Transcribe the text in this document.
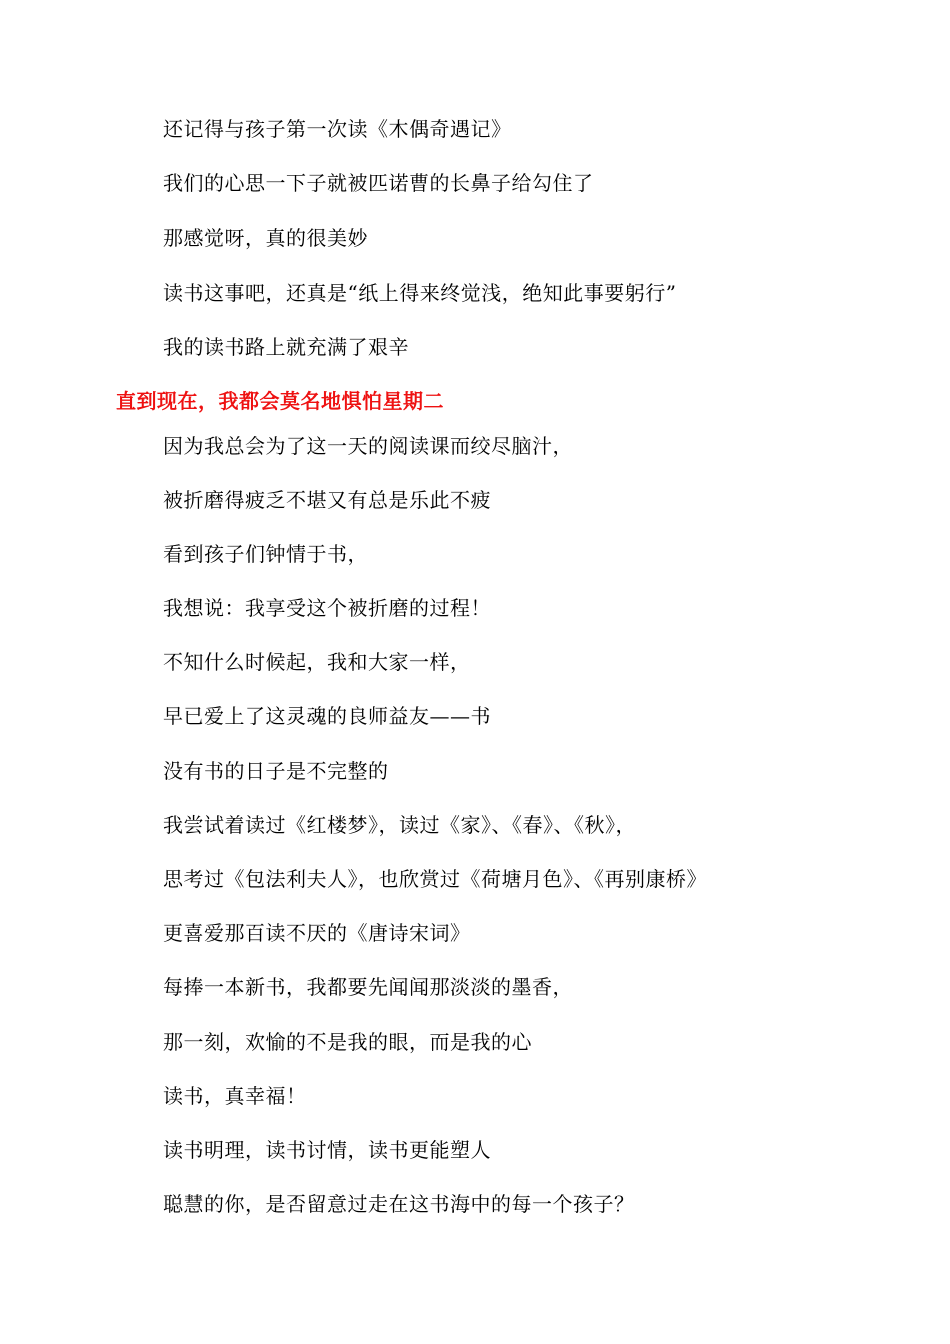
还记得与孩子第一次读《木偶奇遇记》
我们的心思一下子就被匹诺曹的长鼻子给勾住了
那感觉呀，真的很美妙
读书这事吧，还真是“纸上得来终觉浅，绝知此事要躬行”
我的读书路上就充满了艰辛
直到现在，我都会莫名地惧怕星期二
因为我总会为了这一天的阅读课而绞尽脑汁，
被折磨得疲乏不堪又有总是乐此不疲
看到孩子们钟情于书，
我想说：我享受这个被折磨的过程！
不知什么时候起，我和大家一样，
早已爱上了这灵魂的良师益友——书
没有书的日子是不完整的
我尝试着读过《红楼梦》，读过《家》、《春》、《秋》，
思考过《包法利夫人》，也欣赏过《荷塘月色》、《再别康桥》
更喜爱那百读不厌的《唐诗宋词》
每捧一本新书，我都要先闻闻那淡淡的墨香，
那一刻，欢愉的不是我的眼，而是我的心
读书，真幸福！
读书明理，读书讨情，读书更能塑人
聪慧的你，是否留意过走在这书海中的每一个孩子？
